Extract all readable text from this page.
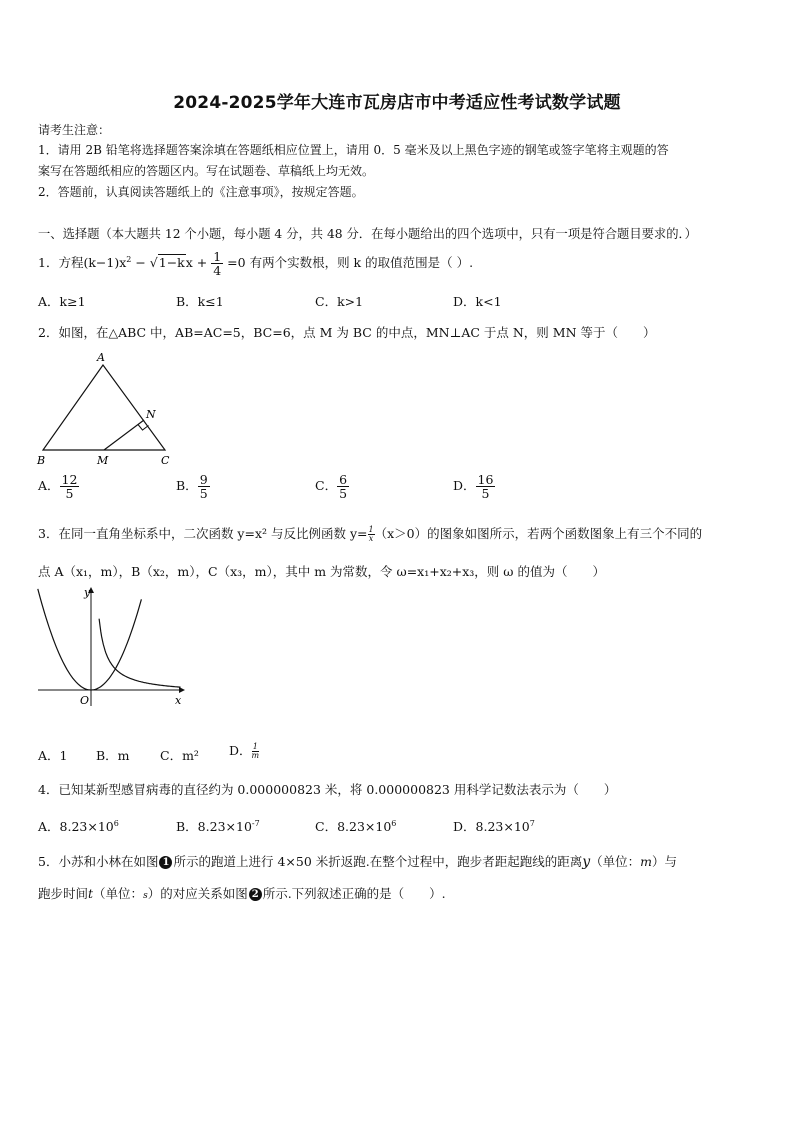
2024-2025学年大连市瓦房店市中考适应性考试数学试题
请考生注意：
1．请用 2B 铅笔将选择题答案涂填在答题纸相应位置上，请用 0．5 毫米及以上黑色字迹的钢笔或签字笔将主观题的答
案写在答题纸相应的答题区内。写在试题卷、草稿纸上均无效。
2．答题前，认真阅读答题纸上的《注意事项》，按规定答题。
一、选择题（本大题共 12 个小题，每小题 4 分，共 48 分．在每小题给出的四个选项中，只有一项是符合题目要求的．）
1．方程$(k-1)x^2 - √1-kx + \frac{1}{4} =0$ 有两个实数根，则 k 的取值范围是（ ）.
A．k≥1	B．k≤1	C．k>1	D．k<1
2．如图，在△ABC 中，AB=AC=5，BC=6，点 M 为 BC 的中点，MN⊥AC 于点 N，则 MN 等于（　　）
A
B	C
M
N
A． $\frac{12}{5}$	B． $\frac{9}{5}$	C． $\frac{6}{5}$	D． $\frac{16}{5}$
3．在同一直角坐标系中，二次函数 y=x² 与反比例函数 $y= \frac{1}{x} (x>0)$的图象如图所示，若两个函数图象上有三个不同的
点 A（x₁，m），B（x₂，m），C（x₃，m），其中 m 为常数，令 ω=x₁+x₂+x₃，则 ω 的值为（　　）
x
y
O
A．1 B．m C．m² D． $\frac{1}{m}$
4．已知某新型感冒病毒的直径约为 0.000000823 米，将 0.000000823 用科学记数法表示为（　　）
A．$8.23\times 10^6$	B．$8.23\times 10^{-7}$	C．$8.23\times 10^6$	D．$8.23\times 10^7$
5．小苏和小林在如图 1 所示的跑道上进行 4×50 米折返跑.在整个过程中，跑步者距起跑线的距离y（单位：m）与
跑步时间t（单位：s）的对应关系如图 2 所示.下列叙述正确的是（　　）.
